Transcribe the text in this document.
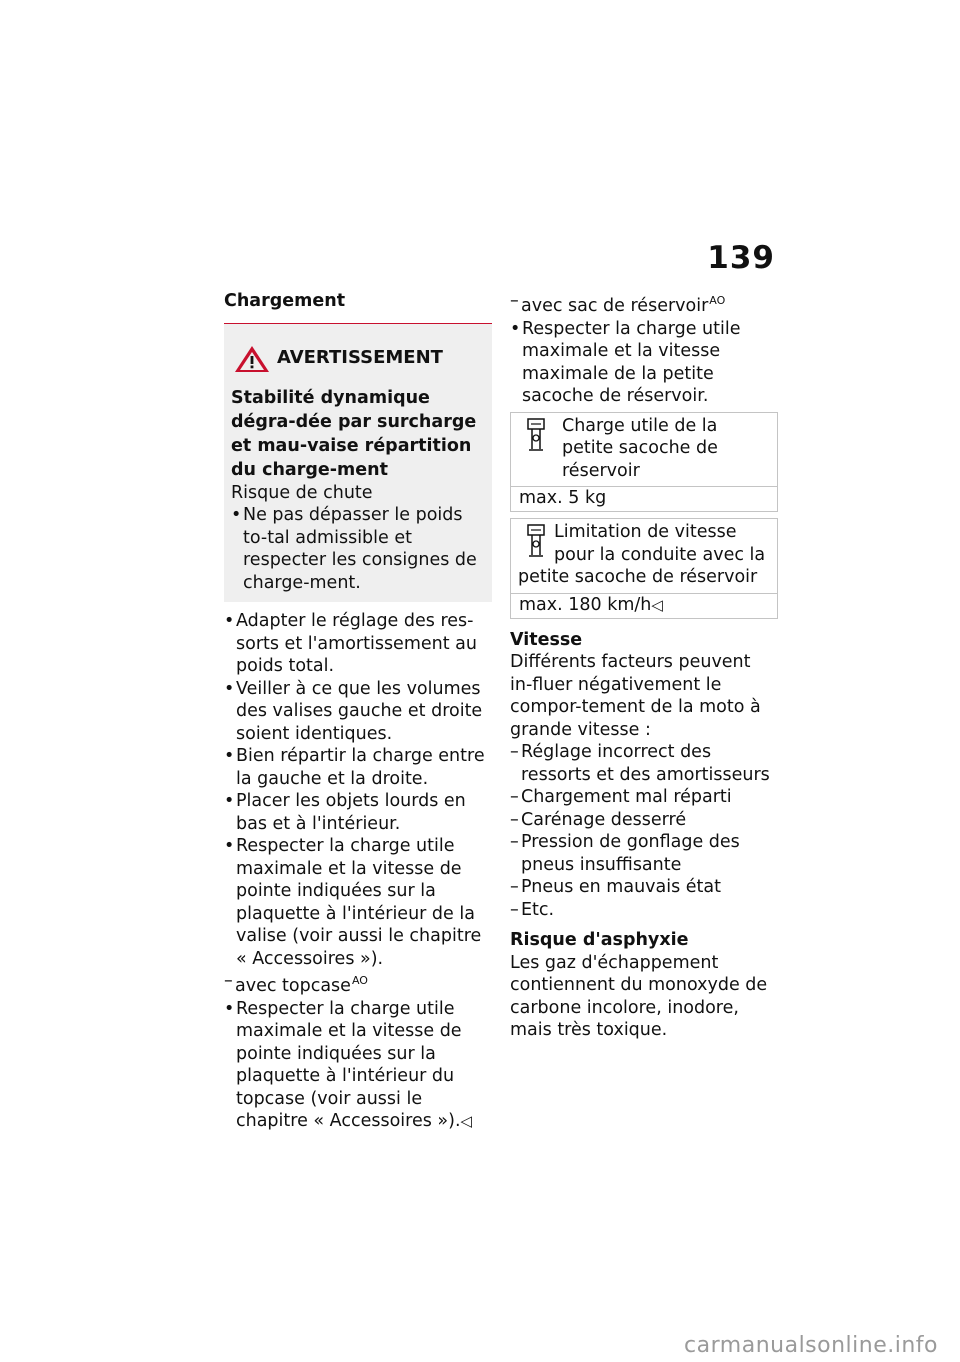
139
Chargement
AVERTISSEMENT
Stabilité dynamique dégra-dée par surcharge et mau-vaise répartition du charge-ment
Risque de chute
• Ne pas dépasser le poids to-tal admissible et respecter les consignes de charge-ment.
• Adapter le réglage des res-sorts et l'amortissement au poids total.
• Veiller à ce que les volumes des valises gauche et droite soient identiques.
• Bien répartir la charge entre la gauche et la droite.
• Placer les objets lourds en bas et à l'intérieur.
• Respecter la charge utile maximale et la vitesse de pointe indiquées sur la plaquette à l'intérieur de la valise (voir aussi le chapitre « Accessoires »).
– avec topcase$^{AO}$
• Respecter la charge utile maximale et la vitesse de pointe indiquées sur la plaquette à l'intérieur du topcase (voir aussi le chapitre « Accessoires »).◁
– avec sac de réservoir$^{AO}$
• Respecter la charge utile maximale et la vitesse maximale de la petite sacoche de réservoir.
Charge utile de la petite sacoche de réservoir
max. 5 kg
Limitation de vitesse pour la conduite avec la petite sacoche de réservoir
max. 180 km/h◁
Vitesse
Différents facteurs peuvent in-fluer négativement le compor-tement de la moto à grande vitesse :
– Réglage incorrect des ressorts et des amortisseurs
– Chargement mal réparti
– Carénage desserré
– Pression de gonflage des pneus insuffisante
– Pneus en mauvais état
– Etc.
Risque d'asphyxie
Les gaz d'échappement contiennent du monoxyde de carbone incolore, inodore, mais très toxique.
carmanualsonline.info
